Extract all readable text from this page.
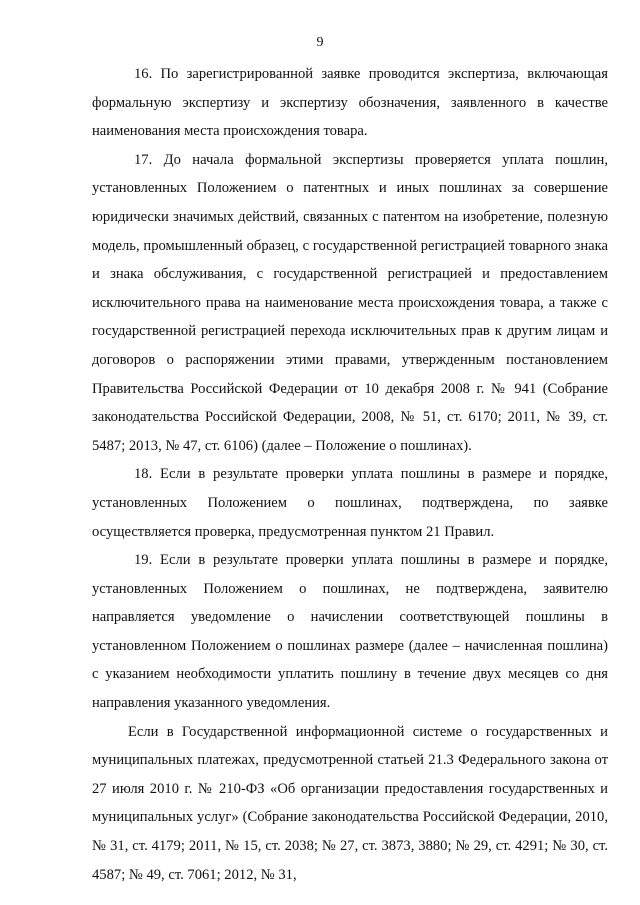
9

16. По зарегистрированной заявке проводится экспертиза, включающая формальную экспертизу и экспертизу обозначения, заявленного в качестве наименования места происхождения товара.

17. До начала формальной экспертизы проверяется уплата пошлин, установленных Положением о патентных и иных пошлинах за совершение юридически значимых действий, связанных с патентом на изобретение, полезную модель, промышленный образец, с государственной регистрацией товарного знака и знака обслуживания, с государственной регистрацией и предоставлением исключительного права на наименование места происхождения товара, а также с государственной регистрацией перехода исключительных прав к другим лицам и договоров о распоряжении этими правами, утвержденным постановлением Правительства Российской Федерации от 10 декабря 2008 г. № 941 (Собрание законодательства Российской Федерации, 2008, № 51, ст. 6170; 2011, № 39, ст. 5487; 2013, № 47, ст. 6106) (далее – Положение о пошлинах).

18. Если в результате проверки уплата пошлины в размере и порядке, установленных Положением о пошлинах, подтверждена, по заявке осуществляется проверка, предусмотренная пунктом 21 Правил.

19. Если в результате проверки уплата пошлины в размере и порядке, установленных Положением о пошлинах, не подтверждена, заявителю направляется уведомление о начислении соответствующей пошлины в установленном Положением о пошлинах размере (далее – начисленная пошлина) с указанием необходимости уплатить пошлину в течение двух месяцев со дня направления указанного уведомления.

Если в Государственной информационной системе о государственных и муниципальных платежах, предусмотренной статьей 21.3 Федерального закона от 27 июля 2010 г. № 210-ФЗ «Об организации предоставления государственных и муниципальных услуг» (Собрание законодательства Российской Федерации, 2010, № 31, ст. 4179; 2011, № 15, ст. 2038; № 27, ст. 3873, 3880; № 29, ст. 4291; № 30, ст. 4587; № 49, ст. 7061; 2012, № 31,
